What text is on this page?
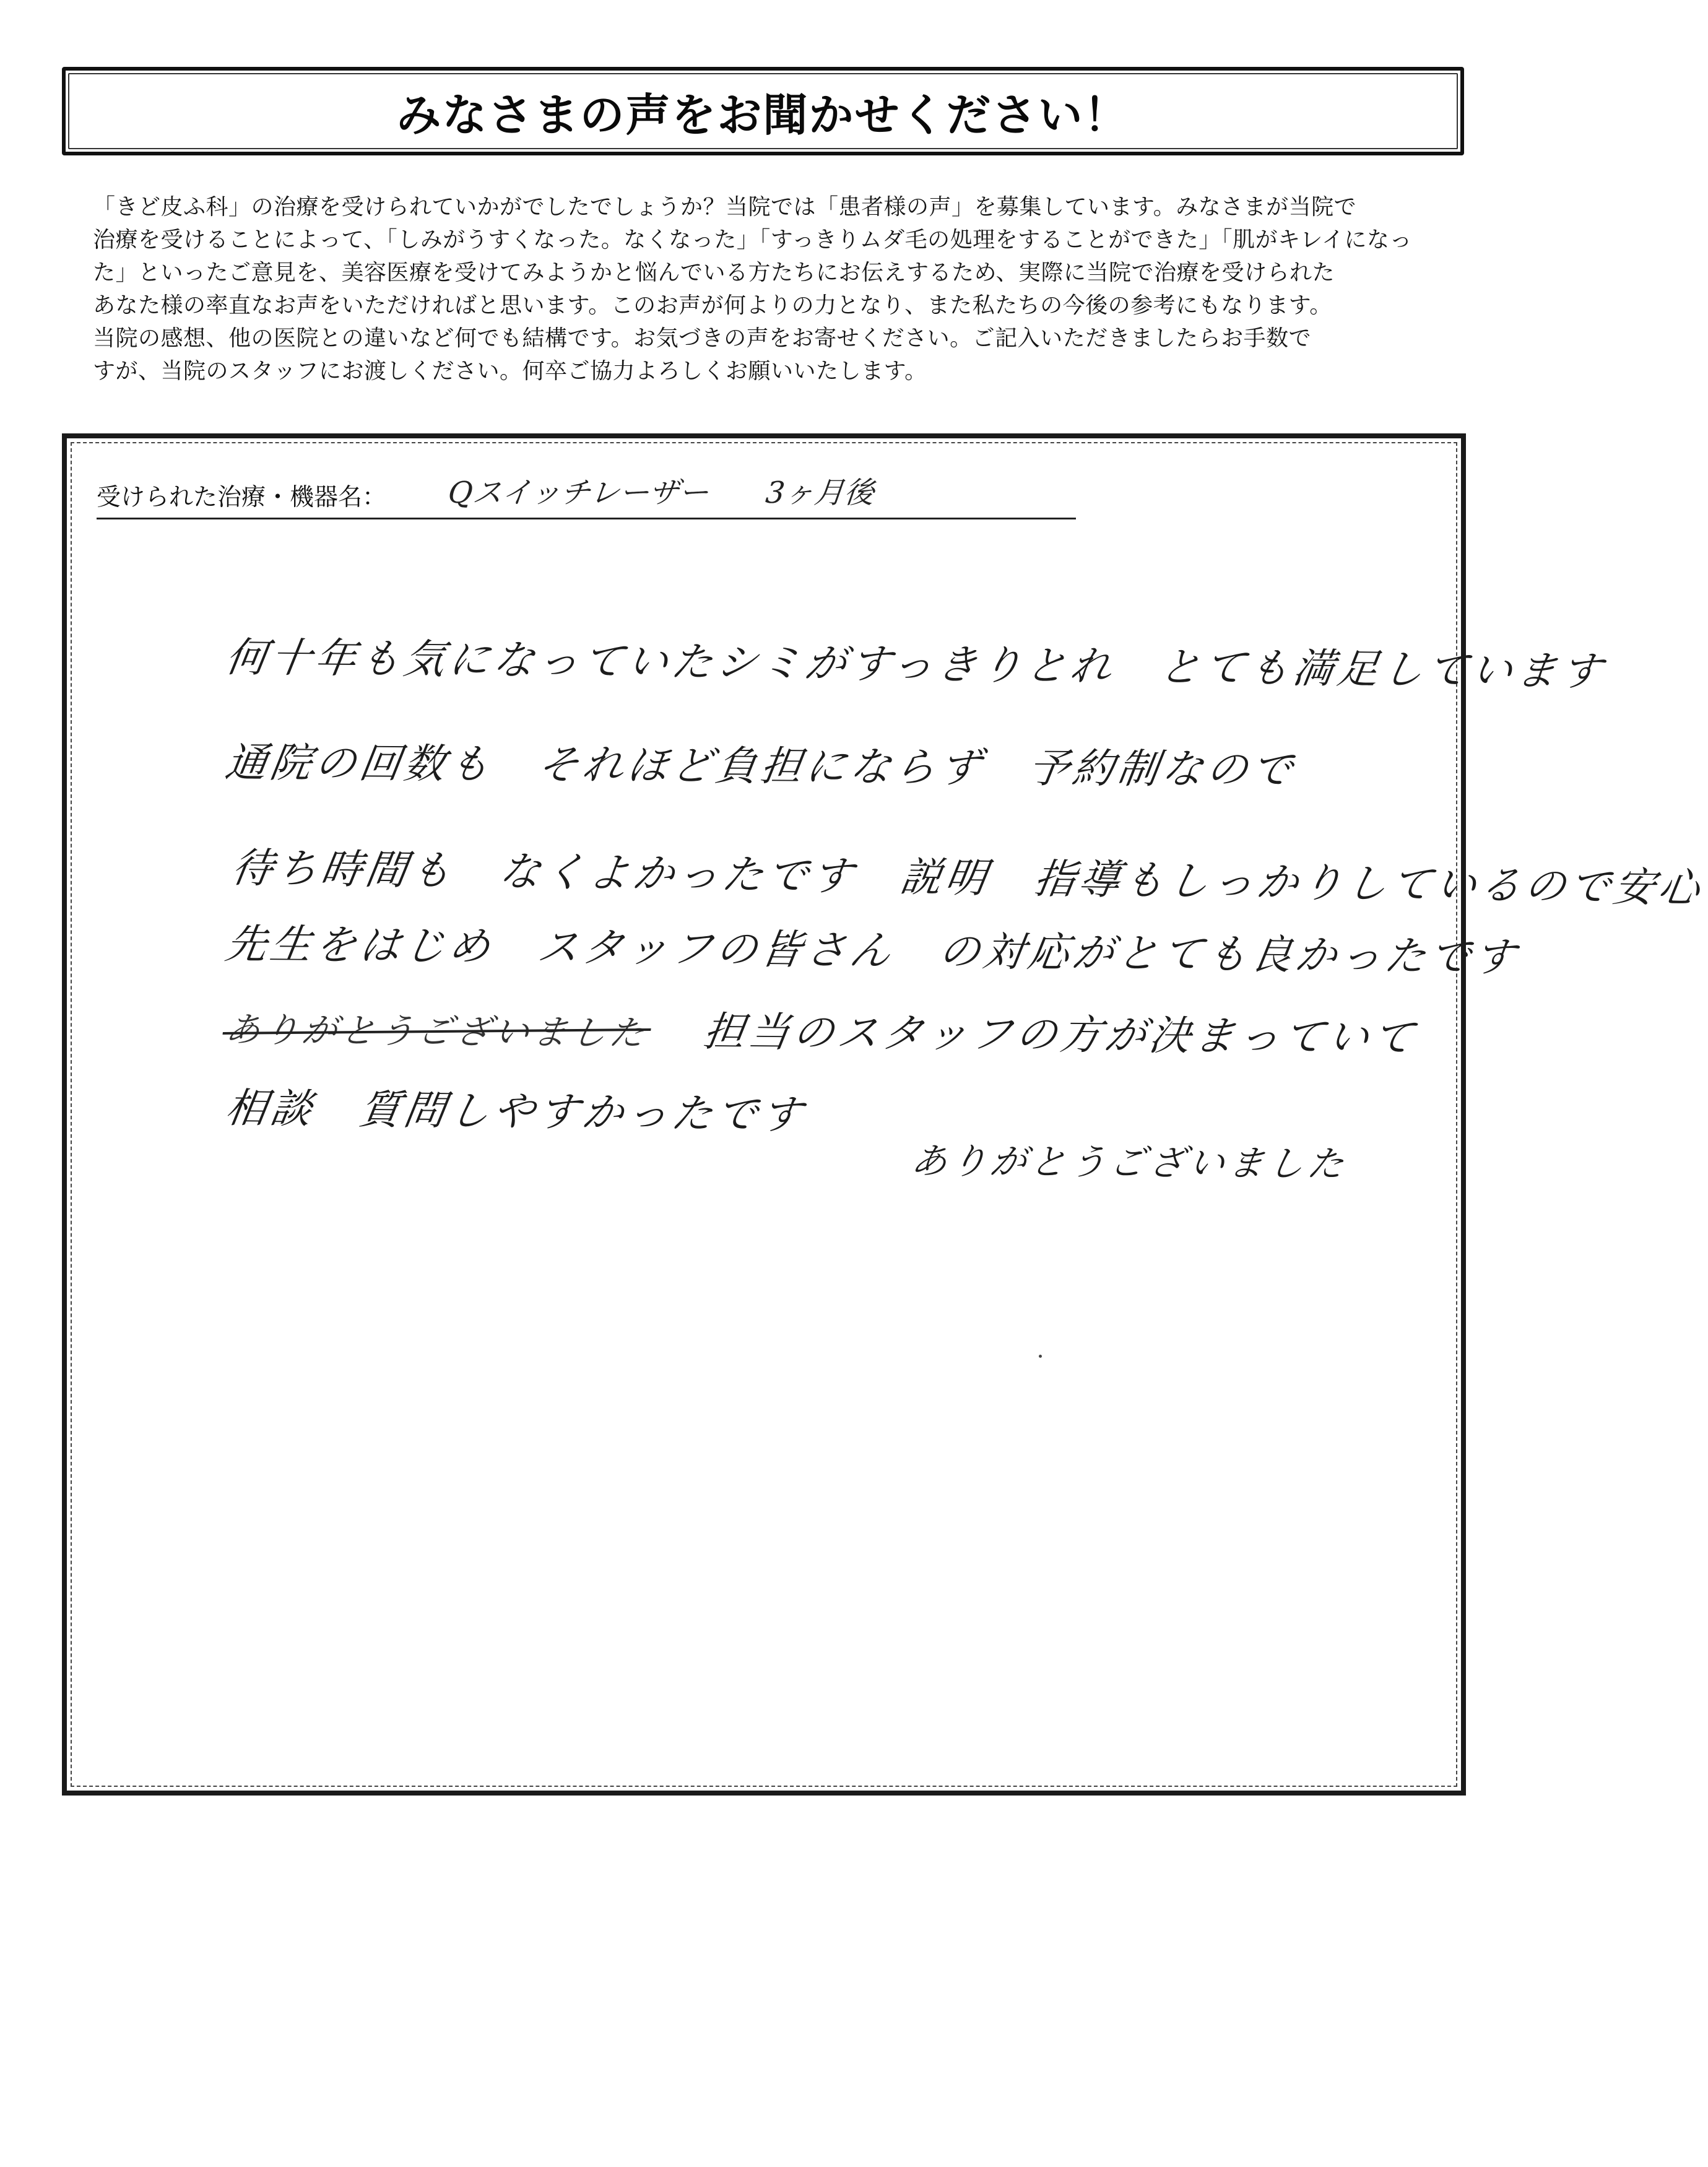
みなさまの声をお聞かせください！
「きど皮ふ科」の治療を受けられていかがでしたでしょうか？当院では「患者様の声」を募集しています。みなさまが当院で
治療を受けることによって、「しみがうすくなった。なくなった」「すっきりムダ毛の処理をすることができた」「肌がキレイになっ
た」といったご意見を、美容医療を受けてみようかと悩んでいる方たちにお伝えするため、実際に当院で治療を受けられた
あなた様の率直なお声をいただければと思います。このお声が何よりの力となり、また私たちの今後の参考にもなります。
当院の感想、他の医院との違いなど何でも結構です。お気づきの声をお寄せください。ご記入いただきましたらお手数で
すが、当院のスタッフにお渡しください。何卒ご協力よろしくお願いいたします。
受けられた治療・機器名： Qスイッチレーザー 3ヶ月後
何十年も気になっていたシミがすっきりとれ　とても満足しています
通院の回数も　それほど負担にならず　予約制なので
待ち時間も　なくよかったです　説明　指導もしっかりしているので安心
先生をはじめ　スタッフの皆さん　の対応がとても良かったです
ありがとうございました 担当のスタッフの方が決まっていて
相談　質問しやすかったです
ありがとうございました
